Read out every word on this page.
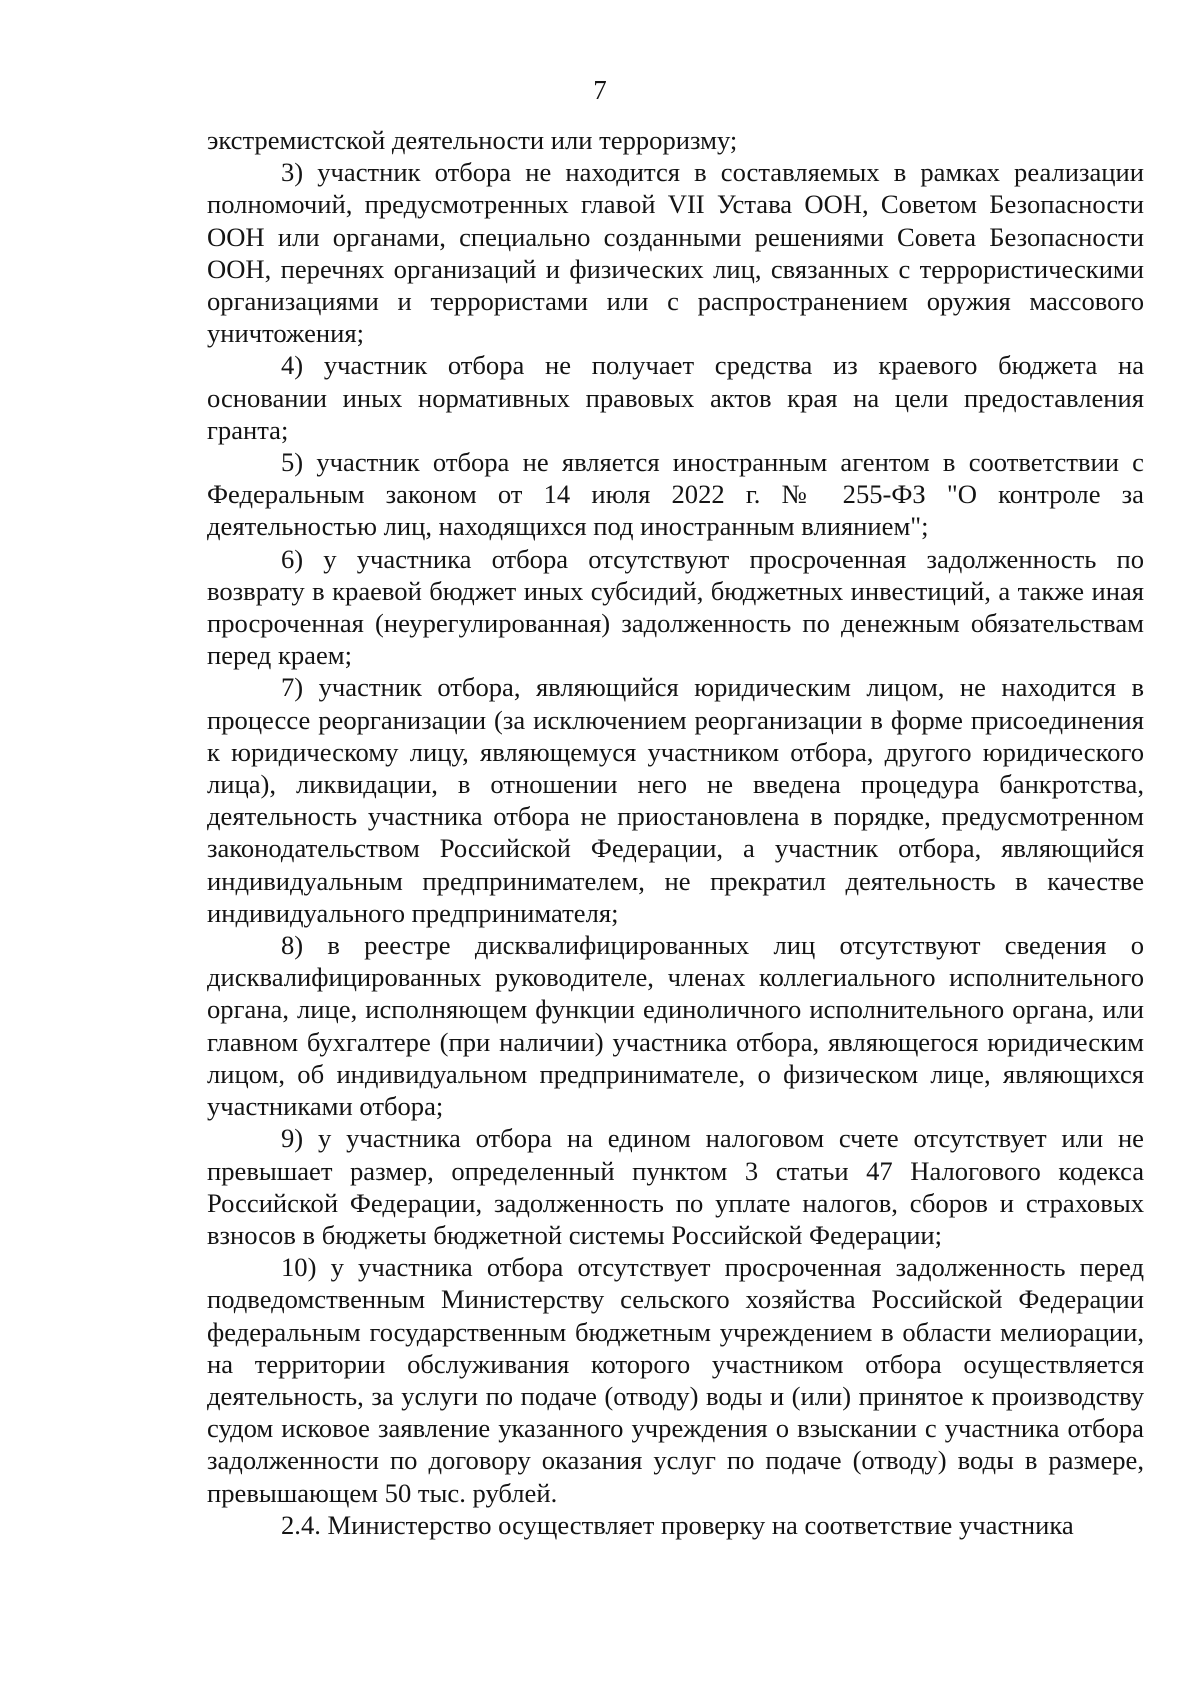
7

экстремистской деятельности или терроризму;

3) участник отбора не находится в составляемых в рамках реализации полномочий, предусмотренных главой VII Устава ООН, Советом Безопасности ООН или органами, специально созданными решениями Совета Безопасности ООН, перечнях организаций и физических лиц, связанных с террористическими организациями и террористами или с распространением оружия массового уничтожения;

4) участник отбора не получает средства из краевого бюджета на основании иных нормативных правовых актов края на цели предоставления гранта;

5) участник отбора не является иностранным агентом в соответствии с Федеральным законом от 14 июля 2022 г. № 255-ФЗ "О контроле за деятельностью лиц, находящихся под иностранным влиянием";

6) у участника отбора отсутствуют просроченная задолженность по возврату в краевой бюджет иных субсидий, бюджетных инвестиций, а также иная просроченная (неурегулированная) задолженность по денежным обязательствам перед краем;

7) участник отбора, являющийся юридическим лицом, не находится в процессе реорганизации (за исключением реорганизации в форме присоединения к юридическому лицу, являющемуся участником отбора, другого юридического лица), ликвидации, в отношении него не введена процедура банкротства, деятельность участника отбора не приостановлена в порядке, предусмотренном законодательством Российской Федерации, а участник отбора, являющийся индивидуальным предпринимателем, не прекратил деятельность в качестве индивидуального предпринимателя;

8) в реестре дисквалифицированных лиц отсутствуют сведения о дисквалифицированных руководителе, членах коллегиального исполнительного органа, лице, исполняющем функции единоличного исполнительного органа, или главном бухгалтере (при наличии) участника отбора, являющегося юридическим лицом, об индивидуальном предпринимателе, о физическом лице, являющихся участниками отбора;

9) у участника отбора на едином налоговом счете отсутствует или не превышает размер, определенный пунктом 3 статьи 47 Налогового кодекса Российской Федерации, задолженность по уплате налогов, сборов и страховых взносов в бюджеты бюджетной системы Российской Федерации;

10) у участника отбора отсутствует просроченная задолженность перед подведомственным Министерству сельского хозяйства Российской Федерации федеральным государственным бюджетным учреждением в области мелиорации, на территории обслуживания которого участником отбора осуществляется деятельность, за услуги по подаче (отводу) воды и (или) принятое к производству судом исковое заявление указанного учреждения о взыскании с участника отбора задолженности по договору оказания услуг по подаче (отводу) воды в размере, превышающем 50 тыс. рублей.

2.4. Министерство осуществляет проверку на соответствие участника
